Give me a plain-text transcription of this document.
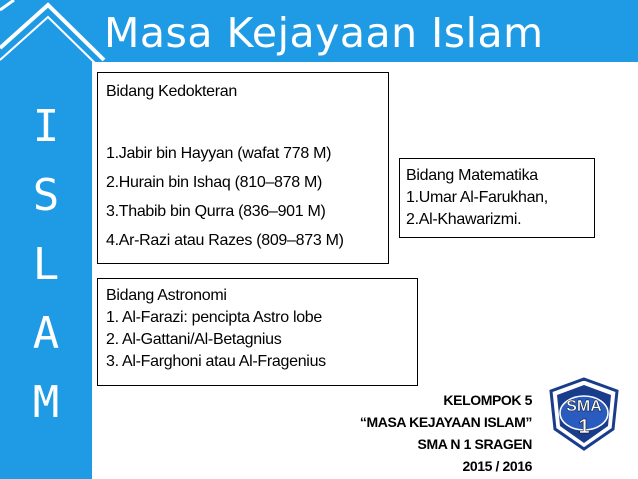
Masa Kejayaan Islam
I
S
L
A
M
Bidang Kedokteran
1.Jabir bin Hayyan (wafat 778 M)
2.Hurain bin Ishaq (810–878 M)
3.Thabib bin Qurra (836–901 M)
4.Ar-Razi atau Razes (809–873 M)
Bidang Matematika
1.Umar Al-Farukhan,
2.Al-Khawarizmi.
Bidang Astronomi
1. Al-Farazi: pencipta Astro lobe
2. Al-Gattani/Al-Betagnius
3. Al-Farghoni atau Al-Fragenius
KELOMPOK 5
“MASA KEJAYAAN ISLAM”
SMA N 1 SRAGEN
2015 / 2016
SMA
1
